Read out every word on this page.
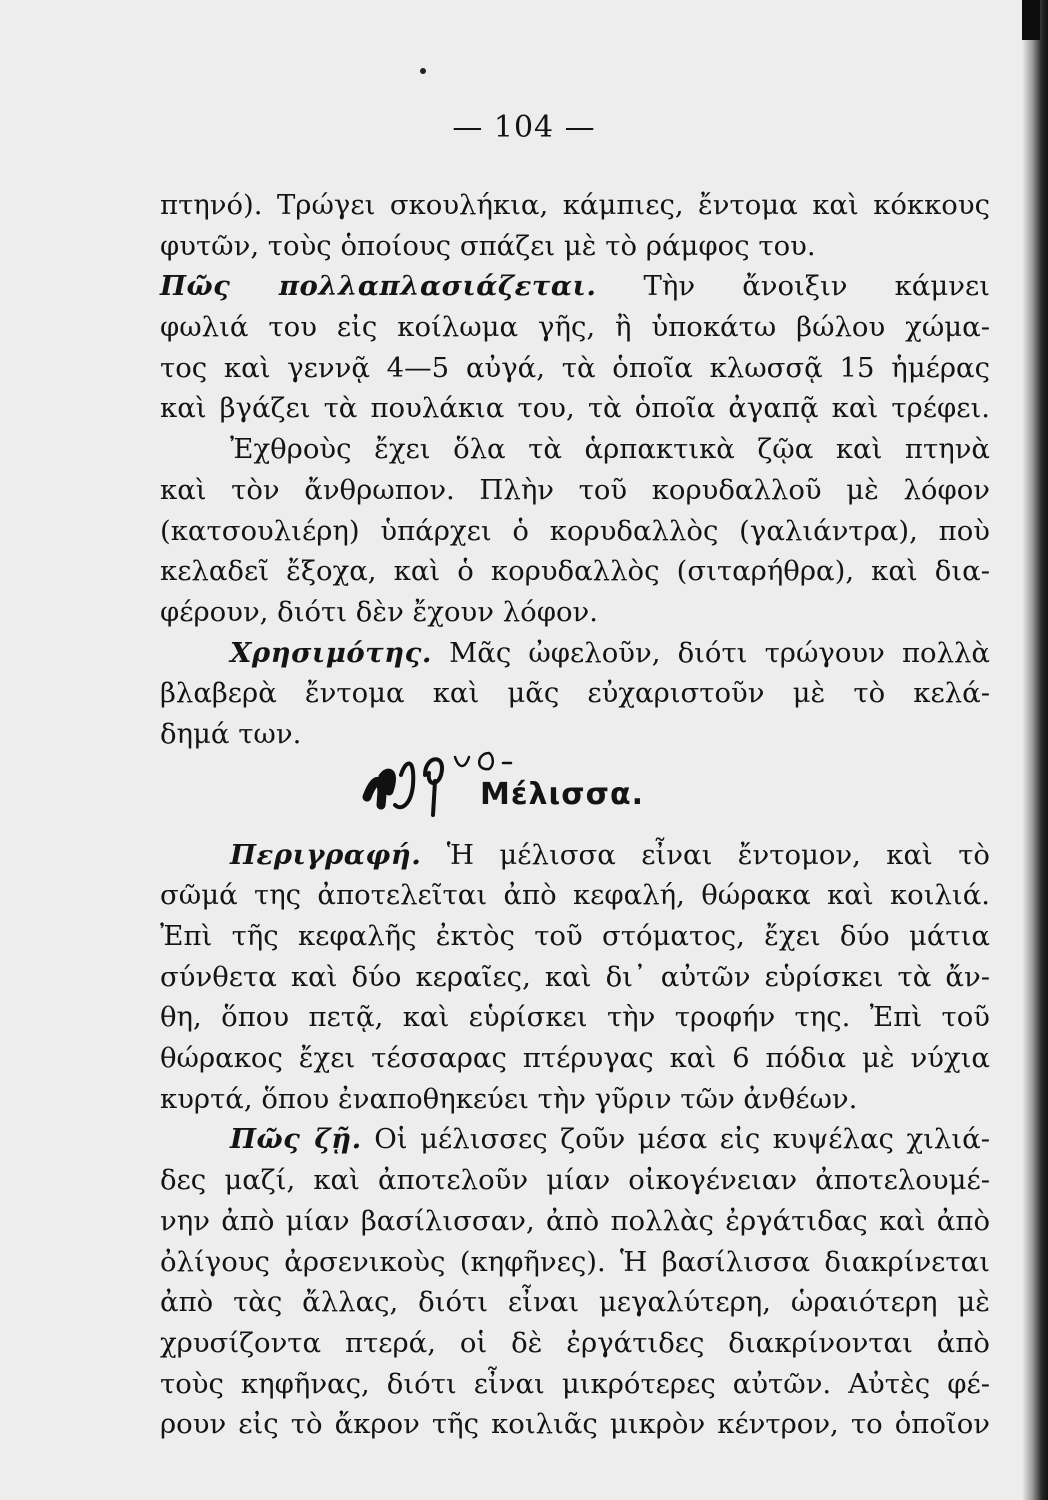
— 104 —
πτηνό). Τρώγει σκουλήκια, κάμπιες, ἔντομα καὶ κόκκους
φυτῶν, τοὺς ὁποίους σπάζει μὲ τὸ ράμφος του.
Πῶς πολλαπλασιάζεται. Τὴν ἄνοιξιν κάμνει
φωλιά του εἰς κοίλωμα γῆς, ἢ ὑποκάτω βώλου χώμα-
τος καὶ γεννᾷ 4—5 αὐγά, τὰ ὁποῖα κλωσσᾷ 15 ἡμέρας
καὶ βγάζει τὰ πουλάκια του, τὰ ὁποῖα ἀγαπᾷ καὶ τρέφει.
Ἐχθροὺς ἔχει ὅλα τὰ ἁρπακτικὰ ζῷα καὶ πτηνὰ
καὶ τὸν ἄνθρωπον. Πλὴν τοῦ κορυδαλλοῦ μὲ λόφον
(κατσουλιέρη) ὑπάρχει ὁ κορυδαλλὸς (γαλιάντρα), ποὺ
κελαδεῖ ἔξοχα, καὶ ὁ κορυδαλλὸς (σιταρήθρα), καὶ δια-
φέρουν, διότι δὲν ἔχουν λόφον.
Χρησιμότης. Μᾶς ὠφελοῦν, διότι τρώγουν πολλὰ
βλαβερὰ ἔντομα καὶ μᾶς εὐχαριστοῦν μὲ τὸ κελά-
δημά των.
Μέλισσα.
Περιγραφή. Ἡ μέλισσα εἶναι ἔντομον, καὶ τὸ
σῶμά της ἀποτελεῖται ἀπὸ κεφαλή, θώρακα καὶ κοιλιά.
Ἐπὶ τῆς κεφαλῆς ἐκτὸς τοῦ στόματος, ἔχει δύο μάτια
σύνθετα καὶ δύο κεραῖες, καὶ δι᾽ αὐτῶν εὑρίσκει τὰ ἄν-
θη, ὅπου πετᾷ, καὶ εὑρίσκει τὴν τροφήν της. Ἐπὶ τοῦ
θώρακος ἔχει τέσσαρας πτέρυγας καὶ 6 πόδια μὲ νύχια
κυρτά, ὅπου ἐναποθηκεύει τὴν γῦριν τῶν ἀνθέων.
Πῶς ζῇ. Οἱ μέλισσες ζοῦν μέσα εἰς κυψέλας χιλιά-
δες μαζί, καὶ ἀποτελοῦν μίαν οἰκογένειαν ἀποτελουμέ-
νην ἀπὸ μίαν βασίλισσαν, ἀπὸ πολλὰς ἐργάτιδας καὶ ἀπὸ
ὀλίγους ἀρσενικοὺς (κηφῆνες). Ἡ βασίλισσα διακρίνεται
ἀπὸ τὰς ἄλλας, διότι εἶναι μεγαλύτερη, ὡραιότερη μὲ
χρυσίζοντα πτερά, οἱ δὲ ἐργάτιδες διακρίνονται ἀπὸ
τοὺς κηφῆνας, διότι εἶναι μικρότερες αὐτῶν. Αὐτὲς φέ-
ρουν εἰς τὸ ἄκρον τῆς κοιλιᾶς μικρὸν κέντρον, το ὁποῖον
